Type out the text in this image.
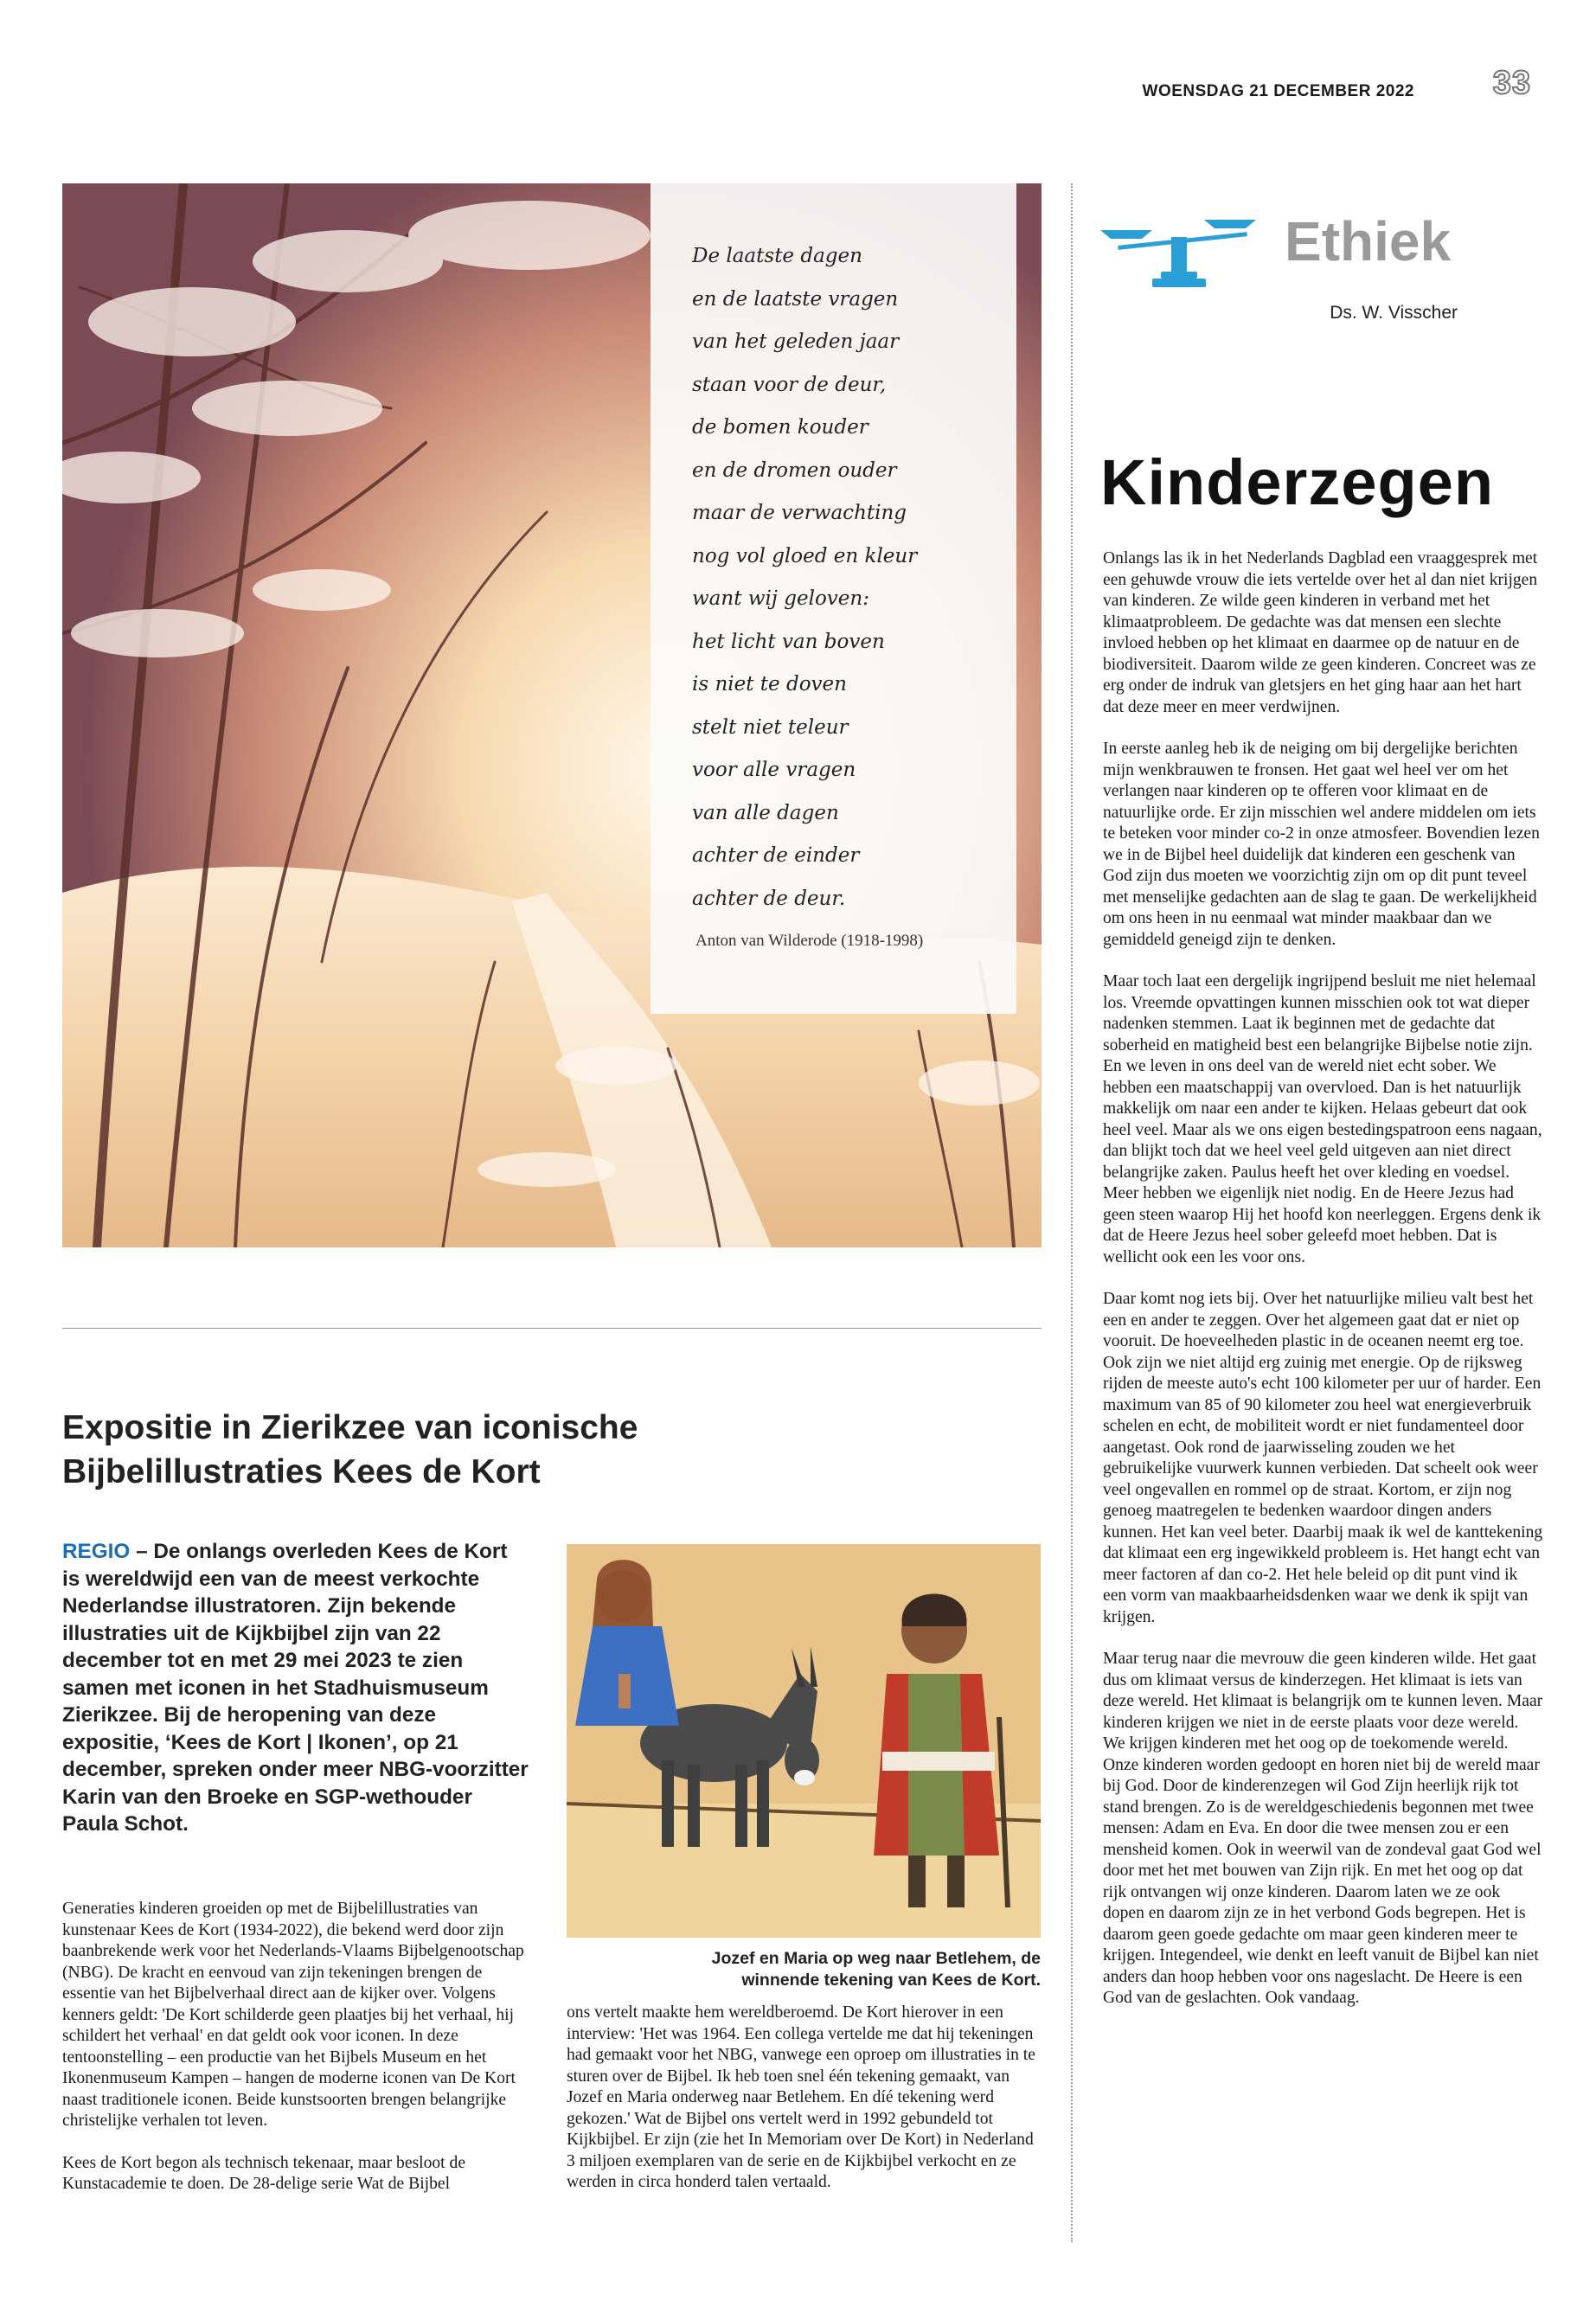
WOENSDAG 21 DECEMBER 2022 33
De laatste dagen
en de laatste vragen
van het geleden jaar
staan voor de deur,
de bomen kouder
en de dromen ouder
maar de verwachting
nog vol gloed en kleur
want wij geloven:
het licht van boven
is niet te doven
stelt niet teleur
voor alle vragen
van alle dagen
achter de einder
achter de deur.
Anton van Wilderode (1918-1998)
Ethiek
Ds. W. Visscher
Kinderzegen

Onlangs las ik in het Nederlands Dagblad een vraaggesprek met een gehuwde vrouw die iets vertelde over het al dan niet krijgen van kinderen. Ze wilde geen kinderen in verband met het klimaatprobleem. De gedachte was dat mensen een slechte invloed hebben op het klimaat en daarmee op de natuur en de biodiversiteit. Daarom wilde ze geen kinderen. Concreet was ze erg onder de indruk van gletsjers en het ging haar aan het hart dat deze meer en meer verdwijnen.

In eerste aanleg heb ik de neiging om bij dergelijke berichten mijn wenkbrauwen te fronsen. Het gaat wel heel ver om het verlangen naar kinderen op te offeren voor klimaat en de natuurlijke orde. Er zijn misschien wel andere middelen om iets te beteken voor minder co-2 in onze atmosfeer. Bovendien lezen we in de Bijbel heel duidelijk dat kinderen een geschenk van God zijn dus moeten we voorzichtig zijn om op dit punt teveel met menselijke gedachten aan de slag te gaan. De werkelijkheid om ons heen in nu eenmaal wat minder maakbaar dan we gemiddeld geneigd zijn te denken.

Maar toch laat een dergelijk ingrijpend besluit me niet helemaal los. Vreemde opvattingen kunnen misschien ook tot wat dieper nadenken stemmen. Laat ik beginnen met de gedachte dat soberheid en matigheid best een belangrijke Bijbelse notie zijn. En we leven in ons deel van de wereld niet echt sober. We hebben een maatschappij van overvloed. Dan is het natuurlijk makkelijk om naar een ander te kijken. Helaas gebeurt dat ook heel veel. Maar als we ons eigen bestedingspatroon eens nagaan, dan blijkt toch dat we heel veel geld uitgeven aan niet direct belangrijke zaken. Paulus heeft het over kleding en voedsel. Meer hebben we eigenlijk niet nodig. En de Heere Jezus had geen steen waarop Hij het hoofd kon neerleggen. Ergens denk ik dat de Heere Jezus heel sober geleefd moet hebben. Dat is wellicht ook een les voor ons.

Daar komt nog iets bij. Over het natuurlijke milieu valt best het een en ander te zeggen. Over het algemeen gaat dat er niet op vooruit. De hoeveelheden plastic in de oceanen neemt erg toe. Ook zijn we niet altijd erg zuinig met energie. Op de rijksweg rijden de meeste auto's echt 100 kilometer per uur of harder. Een maximum van 85 of 90 kilometer zou heel wat energieverbruik schelen en echt, de mobiliteit wordt er niet fundamenteel door aangetast. Ook rond de jaarwisseling zouden we het gebruikelijke vuurwerk kunnen verbieden. Dat scheelt ook weer veel ongevallen en rommel op de straat. Kortom, er zijn nog genoeg maatregelen te bedenken waardoor dingen anders kunnen. Het kan veel beter. Daarbij maak ik wel de kanttekening dat klimaat een erg ingewikkeld probleem is. Het hangt echt van meer factoren af dan co-2. Het hele beleid op dit punt vind ik een vorm van maakbaarheidsdenken waar we denk ik spijt van krijgen.

Maar terug naar die mevrouw die geen kinderen wilde. Het gaat dus om klimaat versus de kinderzegen. Het klimaat is iets van deze wereld. Het klimaat is belangrijk om te kunnen leven. Maar kinderen krijgen we niet in de eerste plaats voor deze wereld. We krijgen kinderen met het oog op de toekomende wereld. Onze kinderen worden gedoopt en horen niet bij de wereld maar bij God. Door de kinderenzegen wil God Zijn heerlijk rijk tot stand brengen. Zo is de wereldgeschiedenis begonnen met twee mensen: Adam en Eva. En door die twee mensen zou er een mensheid komen. Ook in weerwil van de zondeval gaat God wel door met het met bouwen van Zijn rijk. En met het oog op dat rijk ontvangen wij onze kinderen. Daarom laten we ze ook dopen en daarom zijn ze in het verbond Gods begrepen. Het is daarom geen goede gedachte om maar geen kinderen meer te krijgen. Integendeel, wie denkt en leeft vanuit de Bijbel kan niet anders dan hoop hebben voor ons nageslacht. De Heere is een God van de geslachten. Ook vandaag.

Expositie in Zierikzee van iconische
Bijbelillustraties Kees de Kort
REGIO – De onlangs overleden Kees de Kort is wereldwijd een van de meest verkochte Nederlandse illustratoren. Zijn bekende illustraties uit de Kijkbijbel zijn van 22 december tot en met 29 mei 2023 te zien samen met iconen in het Stadhuismuseum Zierikzee. Bij de heropening van deze expositie, ‘Kees de Kort | Ikonen’, op 21 december, spreken onder meer NBG-voorzitter Karin van den Broeke en SGP-wethouder Paula Schot.

Generaties kinderen groeiden op met de Bijbelillustraties van kunstenaar Kees de Kort (1934-2022), die bekend werd door zijn baanbrekende werk voor het Nederlands-Vlaams Bijbelgenootschap (NBG). De kracht en eenvoud van zijn tekeningen brengen de essentie van het Bijbelverhaal direct aan de kijker over. Volgens kenners geldt: 'De Kort schilderde geen plaatjes bij het verhaal, hij schildert het verhaal' en dat geldt ook voor iconen. In deze tentoonstelling – een productie van het Bijbels Museum en het Ikonenmuseum Kampen – hangen de moderne iconen van De Kort naast traditionele iconen. Beide kunstsoorten brengen belangrijke christelijke verhalen tot leven.

Kees de Kort begon als technisch tekenaar, maar besloot de Kunstacademie te doen. De 28-delige serie Wat de Bijbel

Jozef en Maria op weg naar Betlehem, de
winnende tekening van Kees de Kort.

ons vertelt maakte hem wereldberoemd. De Kort hierover in een interview: 'Het was 1964. Een collega vertelde me dat hij tekeningen had gemaakt voor het NBG, vanwege een oproep om illustraties in te sturen over de Bijbel. Ik heb toen snel één tekening gemaakt, van Jozef en Maria onderweg naar Betlehem. En díé tekening werd gekozen.' Wat de Bijbel ons vertelt werd in 1992 gebundeld tot Kijkbijbel. Er zijn (zie het In Memoriam over De Kort) in Nederland 3 miljoen exemplaren van de serie en de Kijkbijbel verkocht en ze werden in circa honderd talen vertaald.
